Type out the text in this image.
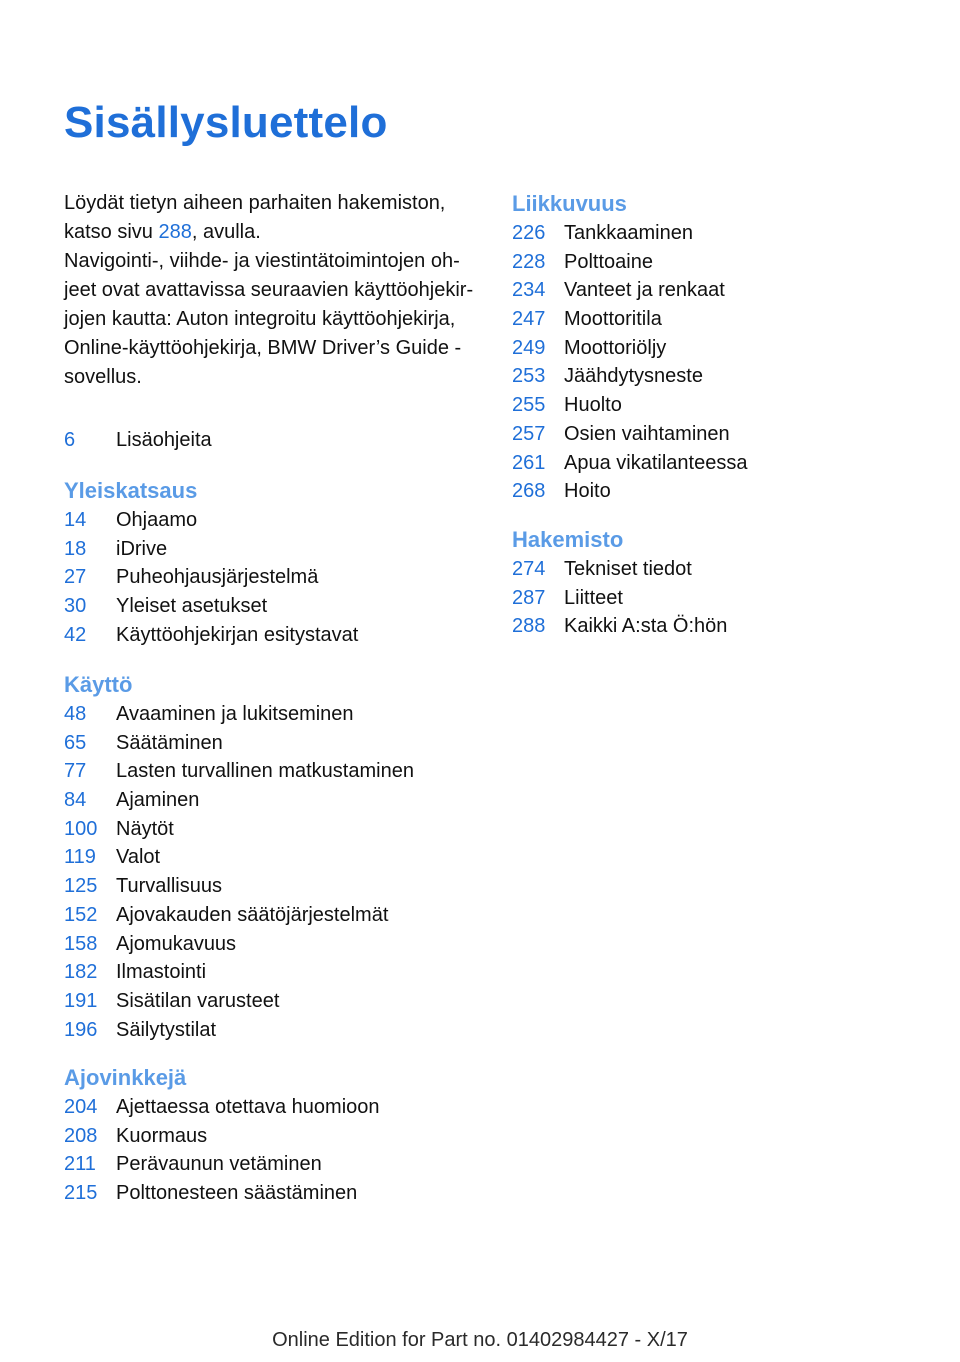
Sisällysluettelo

Löydät tietyn aiheen parhaiten hakemiston, katso sivu 288, avulla.

Navigointi-, viihde- ja viestintätoimintojen ohjeet ovat avattavissa seuraavien käyttöohjekirjojen kautta: Auton integroitu käyttöohjekirja, Online-käyttöohjekirja, BMW Driver’s Guide -sovellus.

6	Lisäohjeita
Yleiskatsaus
14	Ohjaamo
18	iDrive
27	Puheohjausjärjestelmä
30	Yleiset asetukset
42	Käyttöohjekirjan esitystavat
Käyttö
48	Avaaminen ja lukitseminen
65	Säätäminen
77	Lasten turvallinen matkustaminen
84	Ajaminen
100 Näytöt
119	Valot
125 Turvallisuus
152 Ajovakauden säätöjärjestelmät
158 Ajomukavuus
182 Ilmastointi
191 Sisätilan varusteet
196 Säilytystilat
Ajovinkkejä
204 Ajettaessa otettava huomioon
208 Kuormaus
211	Perävaunun vetäminen
215 Polttonesteen säästäminen
Liikkuvuus
226 Tankkaaminen
228 Polttoaine
234 Vanteet ja renkaat
247 Moottoritila
249 Moottoriöljy
253 Jäähdytysneste
255 Huolto
257 Osien vaihtaminen
261 Apua vikatilanteessa
268 Hoito
Hakemisto
274 Tekniset tiedot
287 Liitteet
288 Kaikki A:sta Ö:hön
Online Edition for Part no. 01402984427 - X/17
